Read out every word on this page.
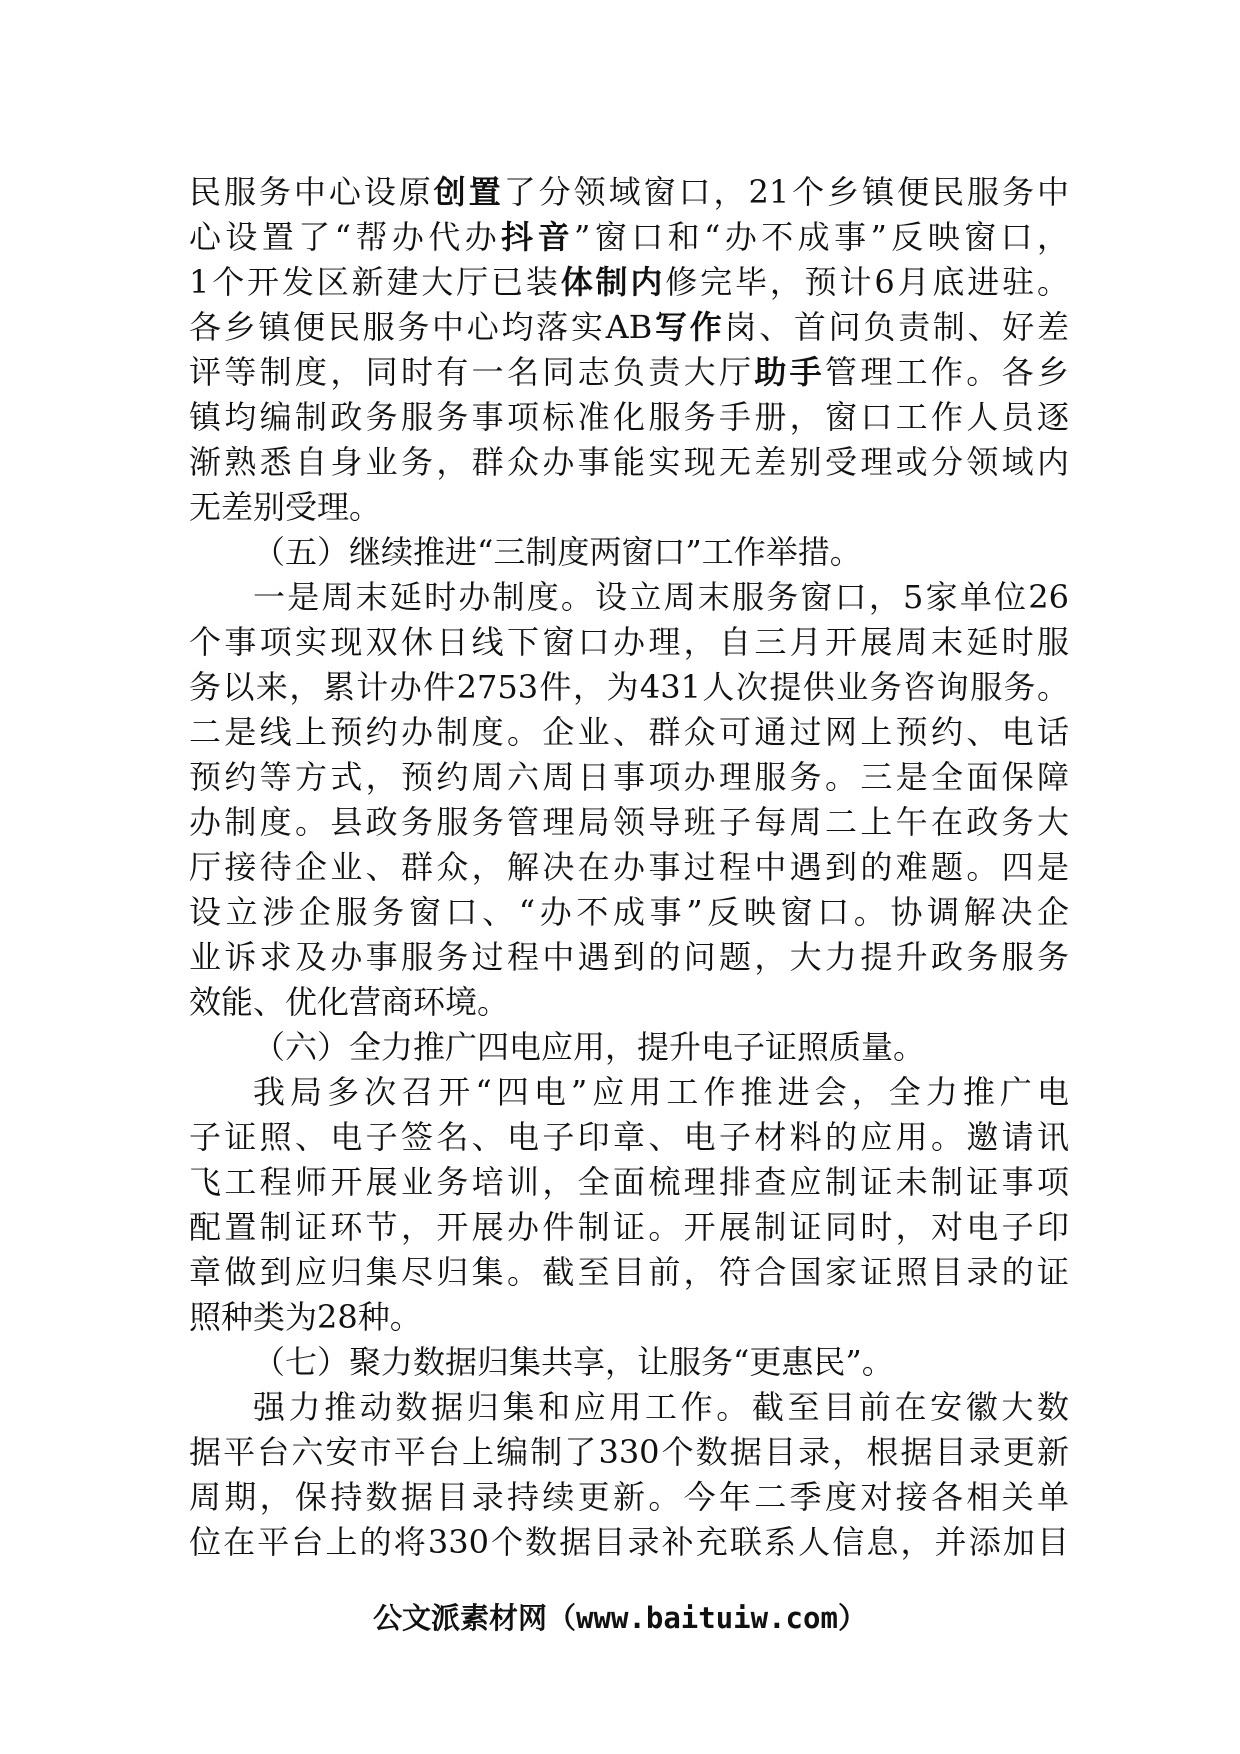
民服务中心设原创置了分领域窗口，21个乡镇便民服务中
心设置了“帮办代办抖音”窗口和“办不成事”反映窗口，
1个开发区新建大厅已装体制内修完毕，预计6月底进驻。
各乡镇便民服务中心均落实AB写作岗、首问负责制、好差
评等制度，同时有一名同志负责大厅助手管理工作。各乡
镇均编制政务服务事项标准化服务手册，窗口工作人员逐
渐熟悉自身业务，群众办事能实现无差别受理或分领域内
无差别受理。
（五）继续推进“三制度两窗口”工作举措。
一是周末延时办制度。设立周末服务窗口，5家单位26
个事项实现双休日线下窗口办理，自三月开展周末延时服
务以来，累计办件2753件，为431人次提供业务咨询服务。
二是线上预约办制度。企业、群众可通过网上预约、电话
预约等方式，预约周六周日事项办理服务。三是全面保障
办制度。县政务服务管理局领导班子每周二上午在政务大
厅接待企业、群众，解决在办事过程中遇到的难题。四是
设立涉企服务窗口、“办不成事”反映窗口。协调解决企
业诉求及办事服务过程中遇到的问题，大力提升政务服务
效能、优化营商环境。
（六）全力推广四电应用，提升电子证照质量。
我局多次召开“四电”应用工作推进会，全力推广电
子证照、电子签名、电子印章、电子材料的应用。邀请讯
飞工程师开展业务培训，全面梳理排查应制证未制证事项
配置制证环节，开展办件制证。开展制证同时，对电子印
章做到应归集尽归集。截至目前，符合国家证照目录的证
照种类为28种。
（七）聚力数据归集共享，让服务“更惠民”。
强力推动数据归集和应用工作。截至目前在安徽大数
据平台六安市平台上编制了330个数据目录，根据目录更新
周期，保持数据目录持续更新。今年二季度对接各相关单
位在平台上的将330个数据目录补充联系人信息，并添加目
公文派素材网（www.baituiw.com）
